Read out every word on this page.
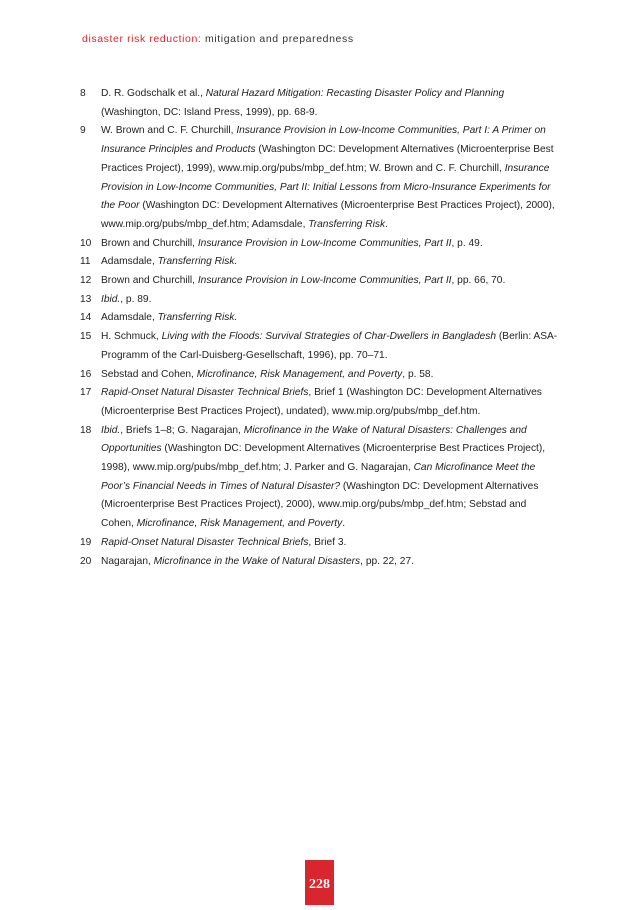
disaster risk reduction: mitigation and preparedness
8 D. R. Godschalk et al., Natural Hazard Mitigation: Recasting Disaster Policy and Planning (Washington, DC: Island Press, 1999), pp. 68-9.
9 W. Brown and C. F. Churchill, Insurance Provision in Low-Income Communities, Part I: A Primer on Insurance Principles and Products (Washington DC: Development Alternatives (Microenterprise Best Practices Project), 1999), www.mip.org/pubs/mbp_def.htm; W. Brown and C. F. Churchill, Insurance Provision in Low-Income Communities, Part II: Initial Lessons from Micro-Insurance Experiments for the Poor (Washington DC: Development Alternatives (Microenterprise Best Practices Project), 2000), www.mip.org/pubs/mbp_def.htm; Adamsdale, Transferring Risk.
10 Brown and Churchill, Insurance Provision in Low-Income Communities, Part II, p. 49.
11 Adamsdale, Transferring Risk.
12 Brown and Churchill, Insurance Provision in Low-Income Communities, Part II, pp. 66, 70.
13 Ibid., p. 89.
14 Adamsdale, Transferring Risk.
15 H. Schmuck, Living with the Floods: Survival Strategies of Char-Dwellers in Bangladesh (Berlin: ASA-Programm of the Carl-Duisberg-Gesellschaft, 1996), pp. 70–71.
16 Sebstad and Cohen, Microfinance, Risk Management, and Poverty, p. 58.
17 Rapid-Onset Natural Disaster Technical Briefs, Brief 1 (Washington DC: Development Alternatives (Microenterprise Best Practices Project), undated), www.mip.org/pubs/mbp_def.htm.
18 Ibid., Briefs 1–8; G. Nagarajan, Microfinance in the Wake of Natural Disasters: Challenges and Opportunities (Washington DC: Development Alternatives (Microenterprise Best Practices Project), 1998), www.mip.org/pubs/mbp_def.htm; J. Parker and G. Nagarajan, Can Microfinance Meet the Poor’s Financial Needs in Times of Natural Disaster? (Washington DC: Development Alternatives (Microenterprise Best Practices Project), 2000), www.mip.org/pubs/mbp_def.htm; Sebstad and Cohen, Microfinance, Risk Management, and Poverty.
19 Rapid-Onset Natural Disaster Technical Briefs, Brief 3.
20 Nagarajan, Microfinance in the Wake of Natural Disasters, pp. 22, 27.
228
